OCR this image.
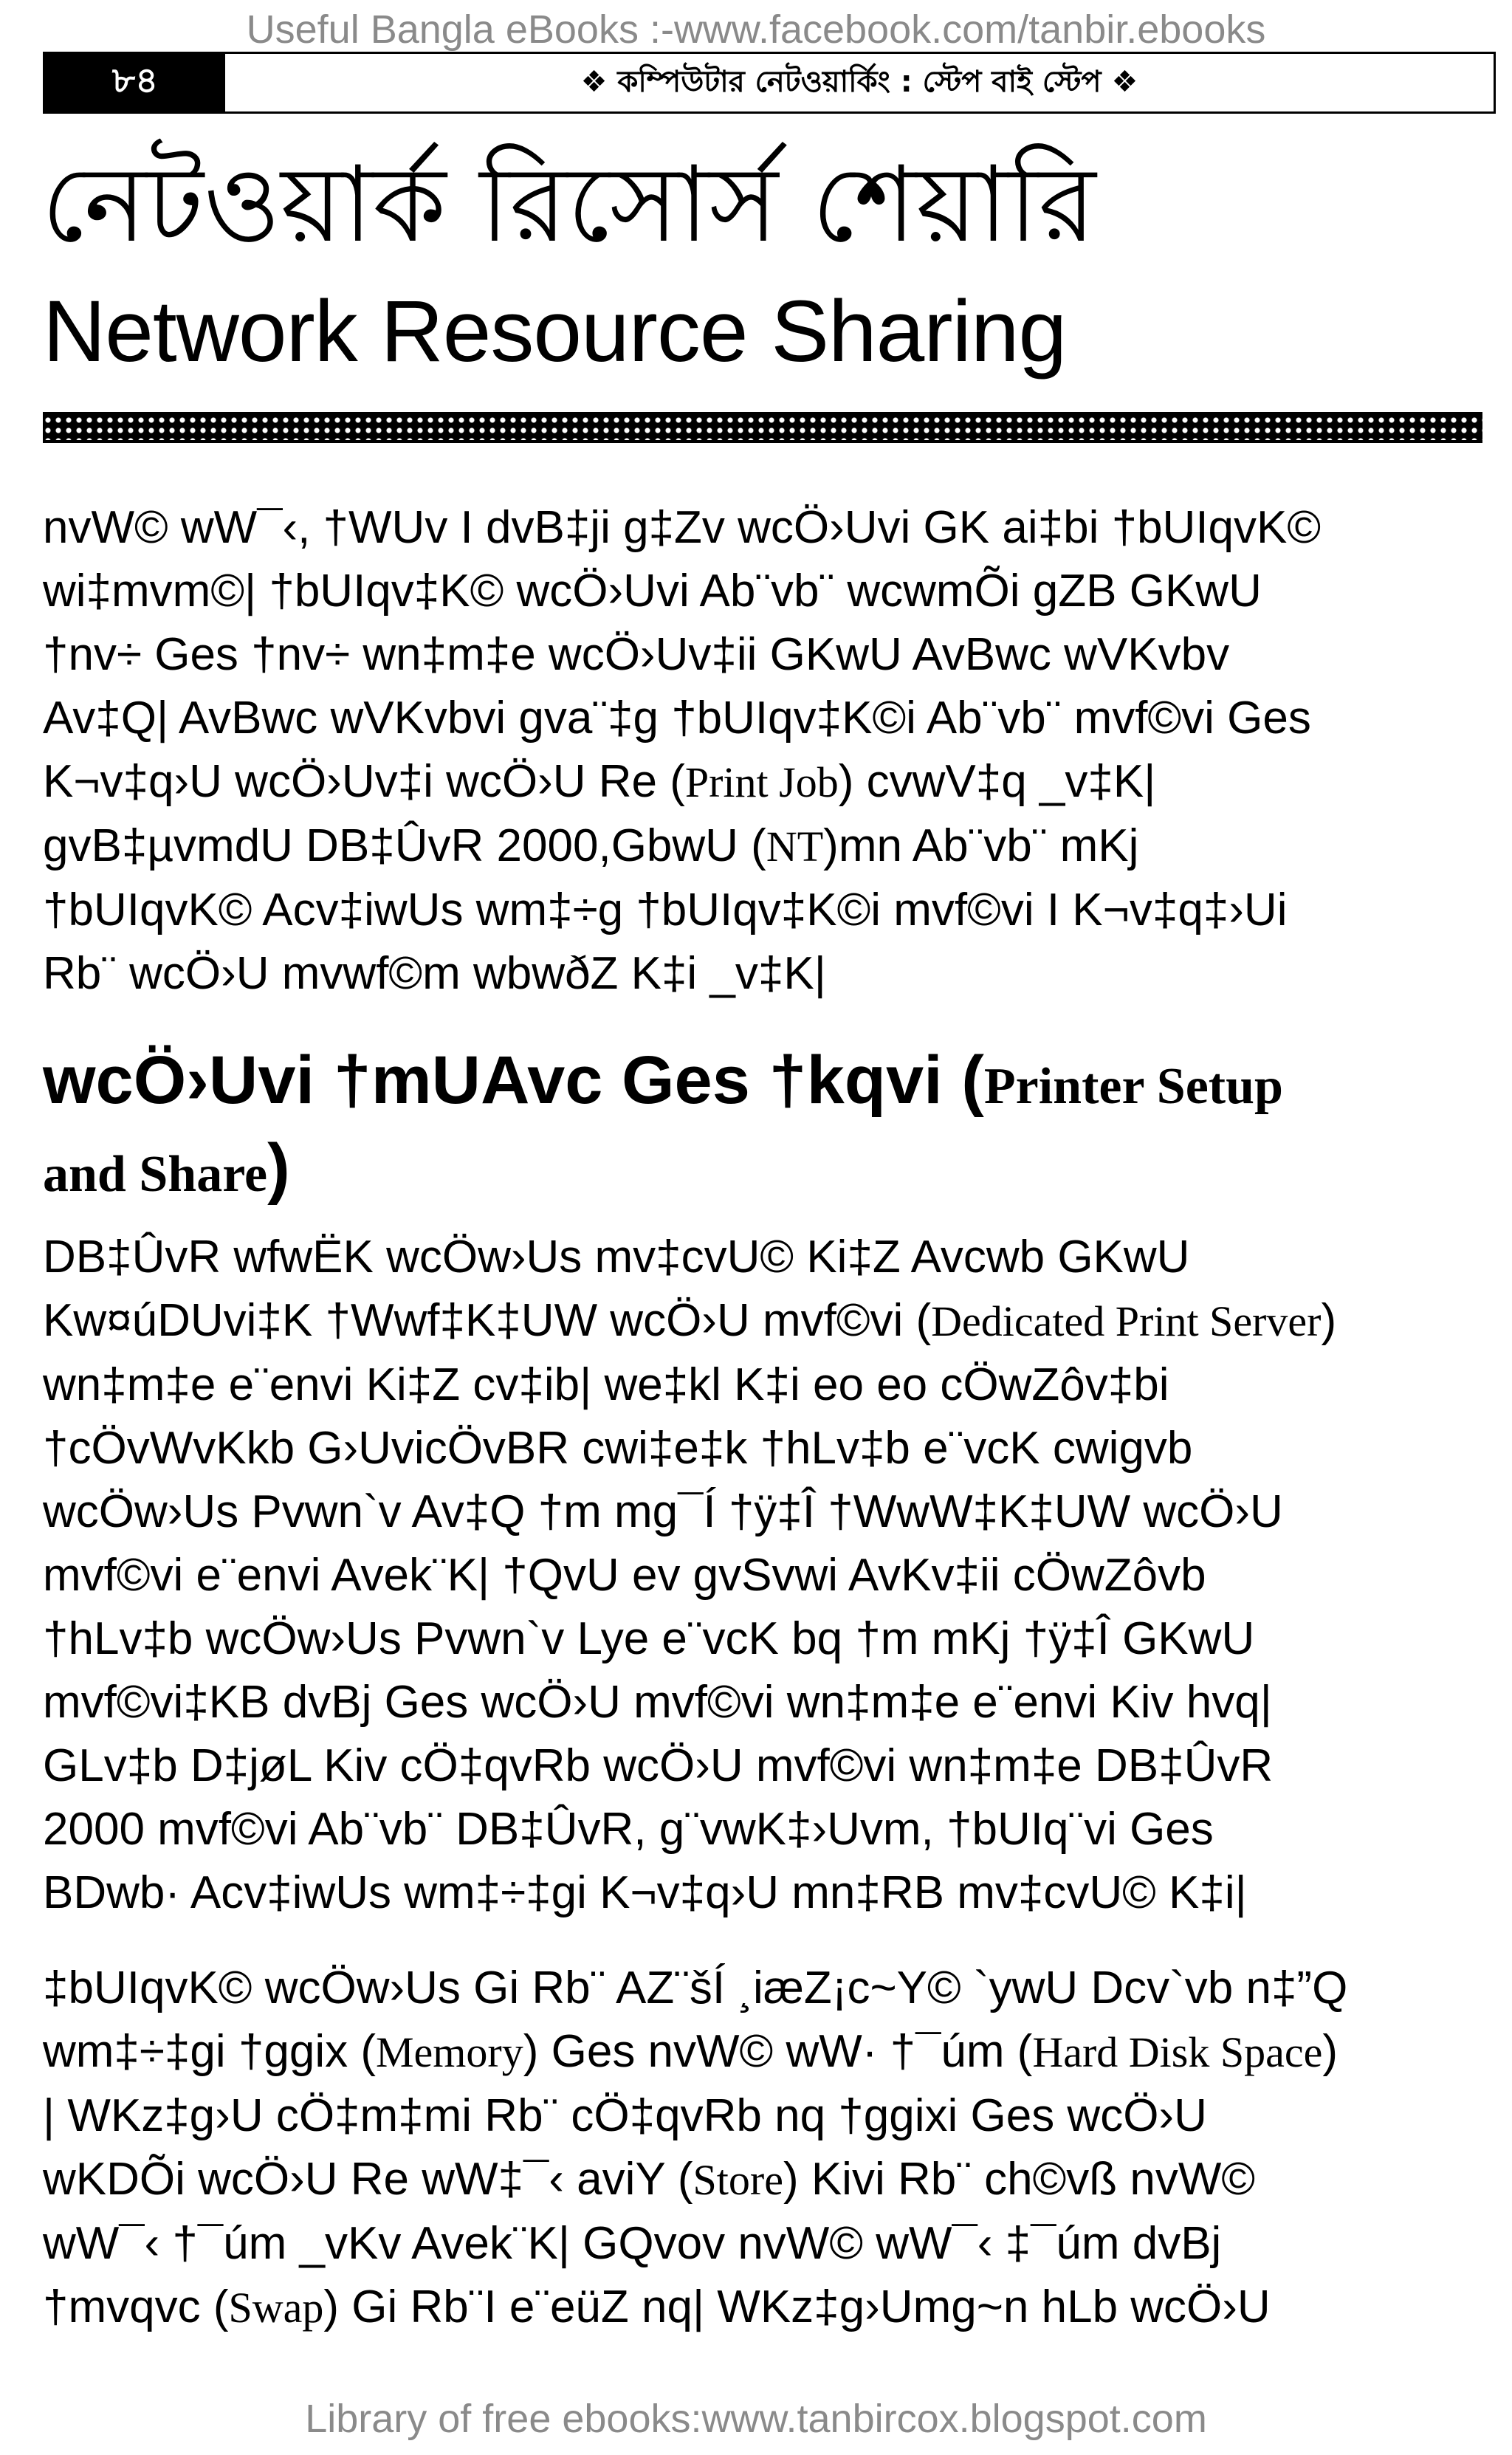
Useful Bangla eBooks :-www.facebook.com/tanbir.ebooks
৮৪	❖ কম্পিউটার নেটওয়ার্কিং : স্টেপ বাই স্টেপ ❖
নেটওয়ার্ক রিসোর্স শেয়ারি
Network Resource Sharing

nvW© wW¯‹, †WUv I dvB‡ji g‡Zv wcÖ›Uvi GK ai‡bi †bUIqvK©
wi‡mvm©| †bUIqv‡K© wcÖ›Uvi Ab¨vb¨ wcwmÕi gZB GKwU
†nv÷ Ges †nv÷ wn‡m‡e wcÖ›Uv‡ii GKwU AvBwc wVKvbv
Av‡Q| AvBwc wVKvbvi gva¨‡g †bUIqv‡K©i Ab¨vb¨ mvf©vi Ges
K¬v‡q›U wcÖ›Uv‡i wcÖ›U Re (Print Job) cvwV‡q _v‡K|
gvB‡µvmdU DB‡ÛvR 2000,GbwU (NT)mn Ab¨vb¨ mKj
†bUIqvK© Acv‡iwUs wm‡÷g †bUIqv‡K©i mvf©vi I K¬v‡q‡›Ui
Rb¨ wcÖ›U mvwf©m wbwðZ K‡i _v‡K|

wcÖ›Uvi †mUAvc Ges †kqvi (Printer Setup
and Share)

DB‡ÛvR wfwËK wcÖw›Us mv‡cvU© Ki‡Z Avcwb GKwU
Kw¤úDUvi‡K †Wwf‡K‡UW wcÖ›U mvf©vi (Dedicated Print Server)
wn‡m‡e e¨envi Ki‡Z cv‡ib| we‡kl K‡i eo eo cÖwZôv‡bi
†cÖvWvKkb G›UvicÖvBR cwi‡e‡k †hLv‡b e¨vcK cwigvb
wcÖw›Us Pvwn`v Av‡Q †m mg¯Í †ÿ‡Î †WwW‡K‡UW wcÖ›U
mvf©vi e¨envi Avek¨K| †QvU ev gvSvwi AvKv‡ii cÖwZôvb
†hLv‡b wcÖw›Us Pvwn`v Lye e¨vcK bq †m mKj †ÿ‡Î GKwU
mvf©vi‡KB dvBj Ges wcÖ›U mvf©vi wn‡m‡e e¨envi Kiv hvq|
GLv‡b D‡jøL Kiv cÖ‡qvRb wcÖ›U mvf©vi wn‡m‡e DB‡ÛvR
2000 mvf©vi Ab¨vb¨ DB‡ÛvR, g¨vwK‡›Uvm, †bUIq¨vi Ges
BDwb· Acv‡iwUs wm‡÷‡gi K¬v‡q›U mn‡RB mv‡cvU© K‡i|

‡bUIqvK© wcÖw›Us Gi Rb¨ AZ¨šÍ ¸iæZ¡c~Y© `ywU Dcv`vb n‡”Q
wm‡÷‡gi †ggix (Memory) Ges nvW© wW· †¯úm (Hard Disk Space)
| WKz‡g›U cÖ‡m‡mi Rb¨ cÖ‡qvRb nq †ggixi Ges wcÖ›U
wKDÕi wcÖ›U Re wW‡¯‹ aviY (Store) Kivi Rb¨ ch©vß nvW©
wW¯‹ †¯úm _vKv Avek¨K| GQvov nvW© wW¯‹ ‡¯úm dvBj
†mvqvc (Swap) Gi Rb¨I e¨eüZ nq| WKz‡g›Umg~n hLb wcÖ›U

Library of free ebooks:www.tanbircox.blogspot.com
